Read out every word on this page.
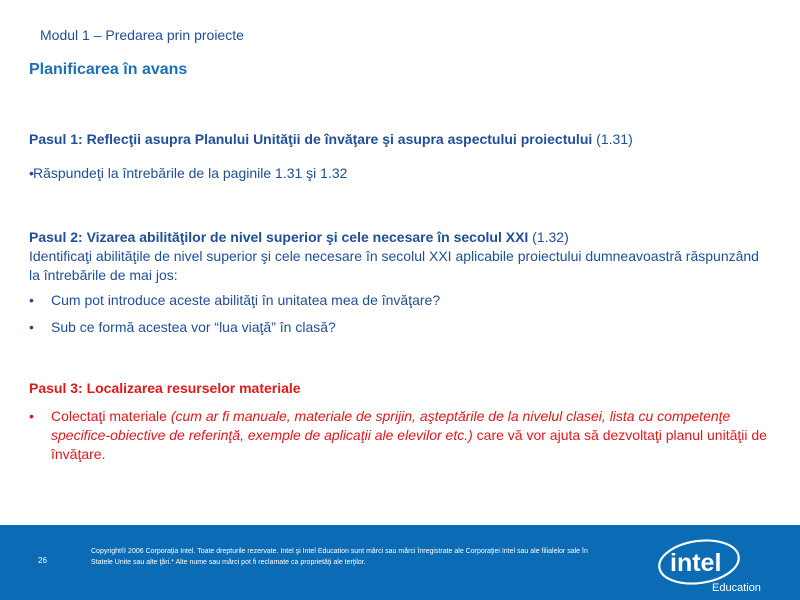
Modul 1 – Predarea prin proiecte
Planificarea în avans
Pasul 1: Reflecţii asupra Planului Unităţii de învăţare şi asupra aspectului proiectului (1.31)
• Răspundeţi la întrebările de la paginile 1.31 şi 1.32
Pasul 2: Vizarea abilităţilor de nivel superior şi cele necesare în secolul XXI (1.32)
Identificaţi abilităţile de nivel superior şi cele necesare în secolul XXI aplicabile proiectului dumneavoastră răspunzând la întrebările de mai jos:
• Cum pot introduce aceste abilităţi în unitatea mea de învăţare?
• Sub ce formă acestea vor “lua viaţă” în clasă?
Pasul 3: Localizarea resurselor materiale
• Colectaţi materiale (cum ar fi manuale, materiale de sprijin, aşteptările de la nivelul clasei, lista cu competenţe specifice-obiective de referinţă, exemple de aplicaţii ale elevilor etc.) care vă vor ajuta să dezvoltaţi planul unităţii de învăţare.
26
Copyright® 2006 Corporaţia Intel. Toate drepturile rezervate. Intel şi Intel Education sunt mărci sau mărci înregistrate ale Corporaţiei Intel sau ale filialelor sale în Statele Unite sau alte ţări.* Alte nume sau mărci pot fi reclamate ca proprietăţi ale terţilor.	intel
Education
